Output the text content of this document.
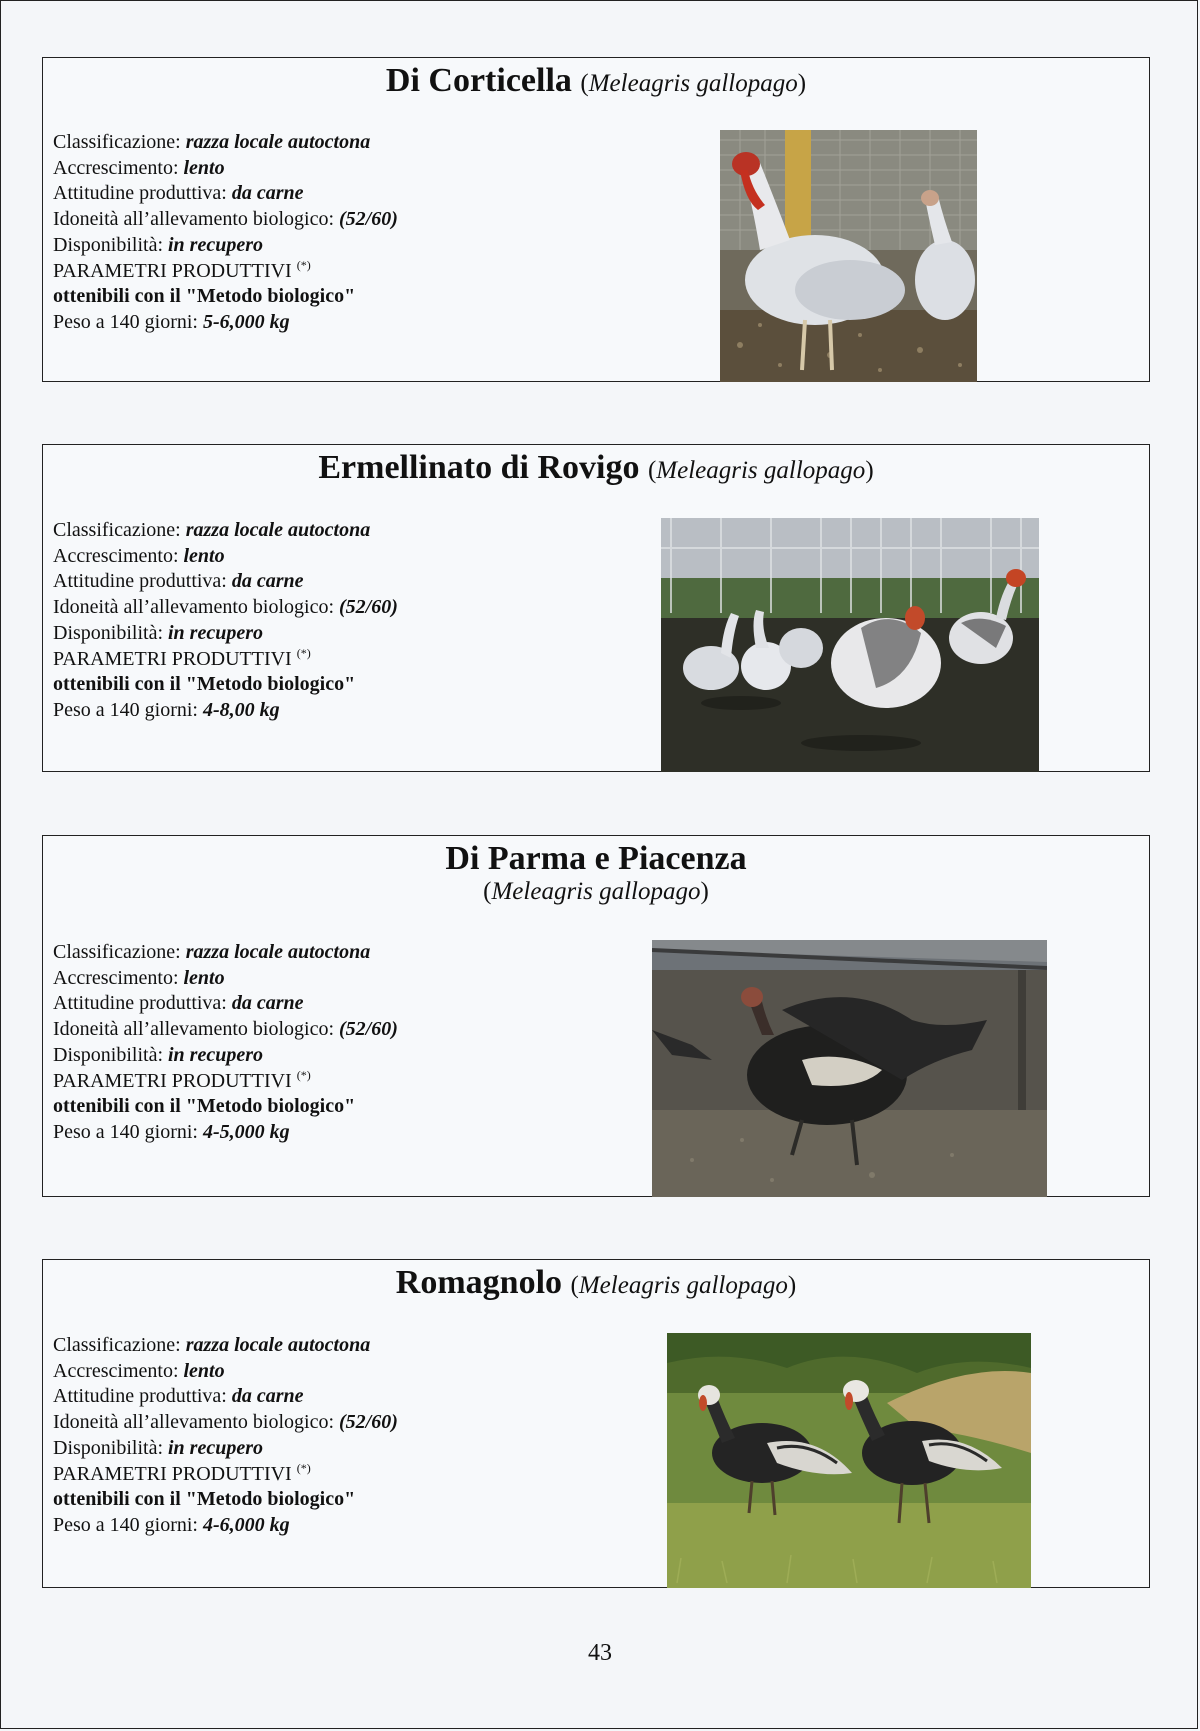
Di Corticella (Meleagris gallopago)
Classificazione: razza locale autoctona
Accrescimento: lento
Attitudine produttiva: da carne
Idoneità all’allevamento biologico: (52/60)
Disponibilità: in recupero
PARAMETRI PRODUTTIVI (*)
ottenibili con il "Metodo biologico"
Peso a 140 giorni: 5-6,000 kg
Ermellinato di Rovigo (Meleagris gallopago)
Classificazione: razza locale autoctona
Accrescimento: lento
Attitudine produttiva: da carne
Idoneità all’allevamento biologico: (52/60)
Disponibilità: in recupero
PARAMETRI PRODUTTIVI (*)
ottenibili con il "Metodo biologico"
Peso a 140 giorni: 4-8,00 kg
Di Parma e Piacenza
(Meleagris gallopago)
Classificazione: razza locale autoctona
Accrescimento: lento
Attitudine produttiva: da carne
Idoneità all’allevamento biologico: (52/60)
Disponibilità: in recupero
PARAMETRI PRODUTTIVI (*)
ottenibili con il "Metodo biologico"
Peso a 140 giorni: 4-5,000 kg
Romagnolo (Meleagris gallopago)
Classificazione: razza locale autoctona
Accrescimento: lento
Attitudine produttiva: da carne
Idoneità all’allevamento biologico: (52/60)
Disponibilità: in recupero
PARAMETRI PRODUTTIVI (*)
ottenibili con il "Metodo biologico"
Peso a 140 giorni: 4-6,000 kg
43
